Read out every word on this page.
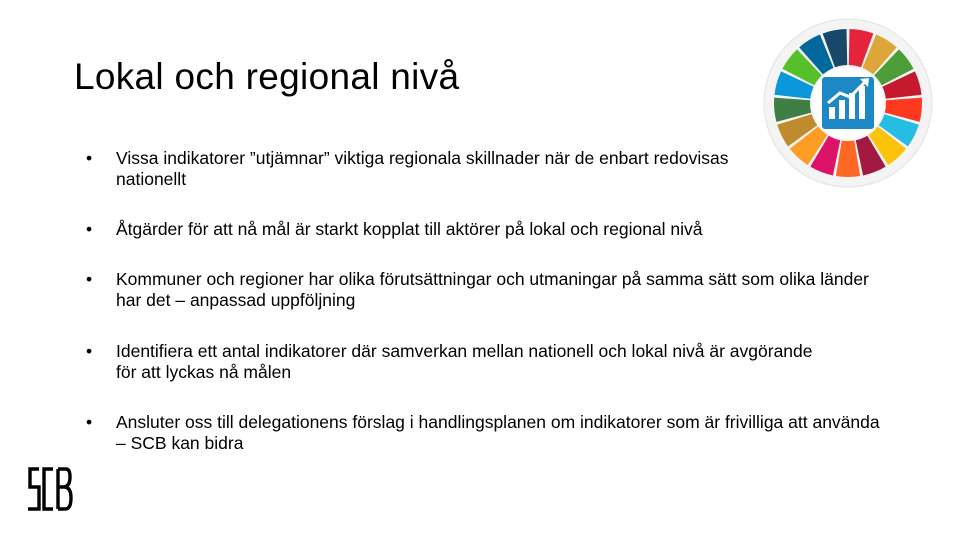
Lokal och regional nivå
•	Vissa indikatorer ”utjämnar” viktiga regionala skillnader när de enbart redovisas nationellt
•	Åtgärder för att nå mål är starkt kopplat till aktörer på lokal och regional nivå
•	Kommuner och regioner har olika förutsättningar och utmaningar på samma sätt som olika länder har det – anpassad uppföljning
•	Identifiera ett antal indikatorer där samverkan mellan nationell och lokal nivå är avgörande för att lyckas nå målen
•	Ansluter oss till delegationens förslag i handlingsplanen om indikatorer som är frivilliga att använda – SCB kan bidra
